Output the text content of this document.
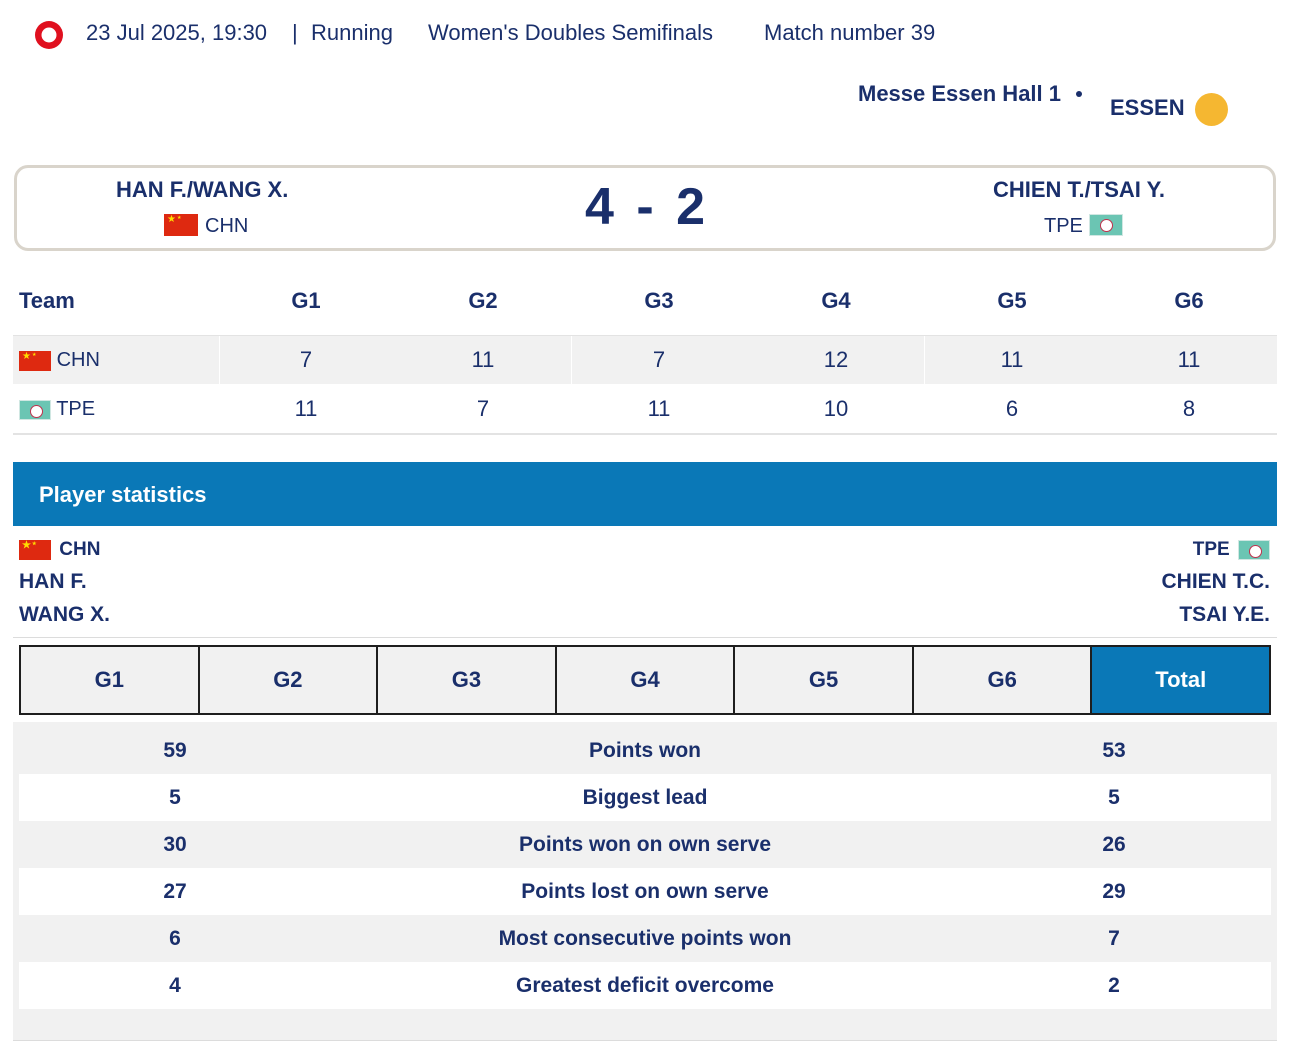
23 Jul 2025, 19:30 | Running Women's Doubles Semifinals Match number 39
Messe Essen Hall 1
ESSEN
HAN F./WANG X.
★ ★
CHN	4 - 2	CHIEN T./TSAI Y.
TPE
Team	G1	G2	G3	G4	G5	G6
★ ★ CHN	7	11	7	12	11	11
TPE	11	7	11	10	6	8
Player statistics
★ ★ CHN
HAN F.
WANG X.
TPE
CHIEN T.C.
TSAI Y.E.
G1	G2	G3	G4	G5	G6	Total
59	Points won	53
5	Biggest lead	5
30	Points won on own serve	26
27	Points lost on own serve	29
6	Most consecutive points won	7
4	Greatest deficit overcome	2
